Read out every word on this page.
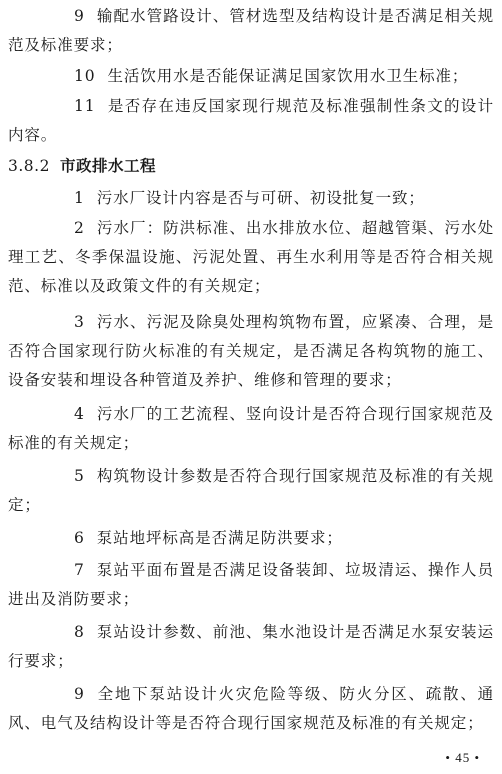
9 输配水管路设计、管材选型及结构设计是否满足相关规范及标准要求；

10 生活饮用水是否能保证满足国家饮用水卫生标准；

11 是否存在违反国家现行规范及标准强制性条文的设计内容。

3.8.2 市政排水工程

1 污水厂设计内容是否与可研、初设批复一致；

2 污水厂：防洪标准、出水排放水位、超越管渠、污水处理工艺、冬季保温设施、污泥处置、再生水利用等是否符合相关规范、标准以及政策文件的有关规定；

3 污水、污泥及除臭处理构筑物布置，应紧凑、合理，是否符合国家现行防火标准的有关规定，是否满足各构筑物的施工、设备安装和埋设各种管道及养护、维修和管理的要求；

4 污水厂的工艺流程、竖向设计是否符合现行国家规范及标准的有关规定；

5 构筑物设计参数是否符合现行国家规范及标准的有关规定；

6 泵站地坪标高是否满足防洪要求；

7 泵站平面布置是否满足设备装卸、垃圾清运、操作人员进出及消防要求；

8 泵站设计参数、前池、集水池设计是否满足水泵安装运行要求；

9 全地下泵站设计火灾危险等级、防火分区、疏散、通风、电气及结构设计等是否符合现行国家规范及标准的有关规定；

• 45 •
